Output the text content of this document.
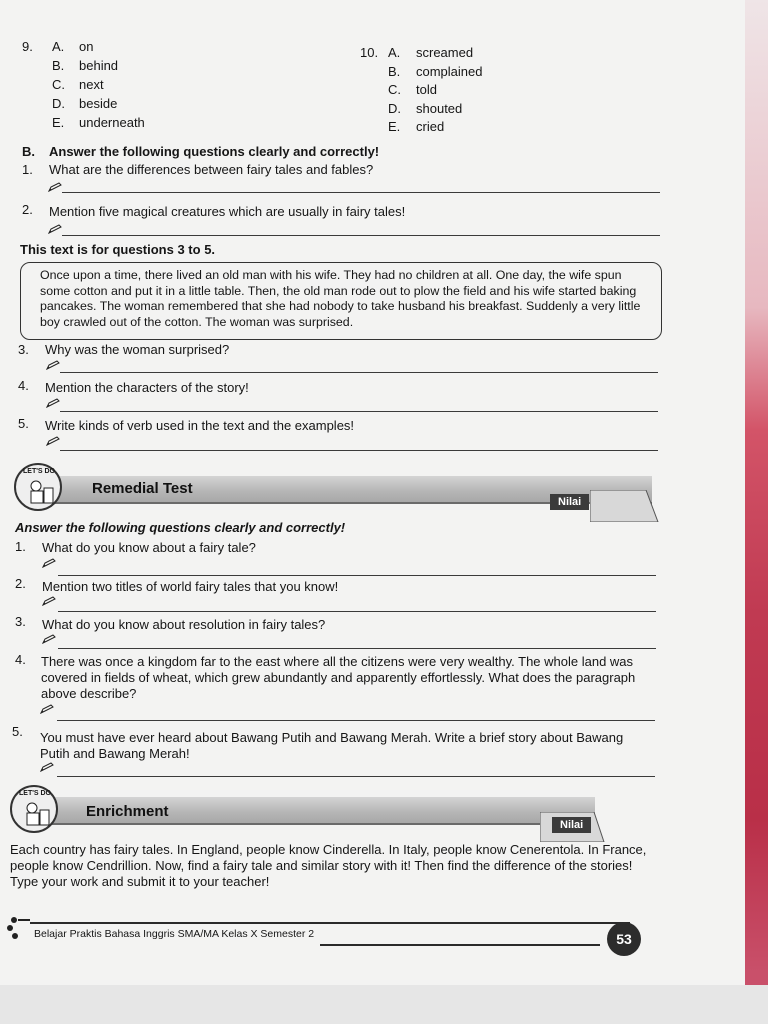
9. A. on
B. behind
C. next
D. beside
E. underneath
10. A. screamed
B. complained
C. told
D. shouted
E. cried
B. Answer the following questions clearly and correctly!
1. What are the differences between fairy tales and fables?
2. Mention five magical creatures which are usually in fairy tales!
This text is for questions 3 to 5.
Once upon a time, there lived an old man with his wife. They had no children at all. One day, the wife spun some cotton and put it in a little table. Then, the old man rode out to plow the field and his wife started baking pancakes. The woman remembered that she had nobody to take husband his breakfast. Suddenly a very little boy crawled out of the cotton. The woman was surprised.
3. Why was the woman surprised?
4. Mention the characters of the story!
5. Write kinds of verb used in the text and the examples!
LET'S DO
Remedial Test
Nilai
Answer the following questions clearly and correctly!
1. What do you know about a fairy tale?
2. Mention two titles of world fairy tales that you know!
3. What do you know about resolution in fairy tales?
4. There was once a kingdom far to the east where all the citizens were very wealthy. The whole land was covered in fields of wheat, which grew abundantly and apparently effortlessly. What does the paragraph above describe?
5. You must have ever heard about Bawang Putih and Bawang Merah. Write a brief story about Bawang Putih and Bawang Merah!
LET'S DO
Enrichment
Nilai
Each country has fairy tales. In England, people know Cinderella. In Italy, people know Cenerentola. In France, people know Cendrillion. Now, find a fairy tale and similar story with it! Then find the difference of the stories! Type your work and submit it to your teacher!
Belajar Praktis Bahasa Inggris SMA/MA Kelas X Semester 2	53
